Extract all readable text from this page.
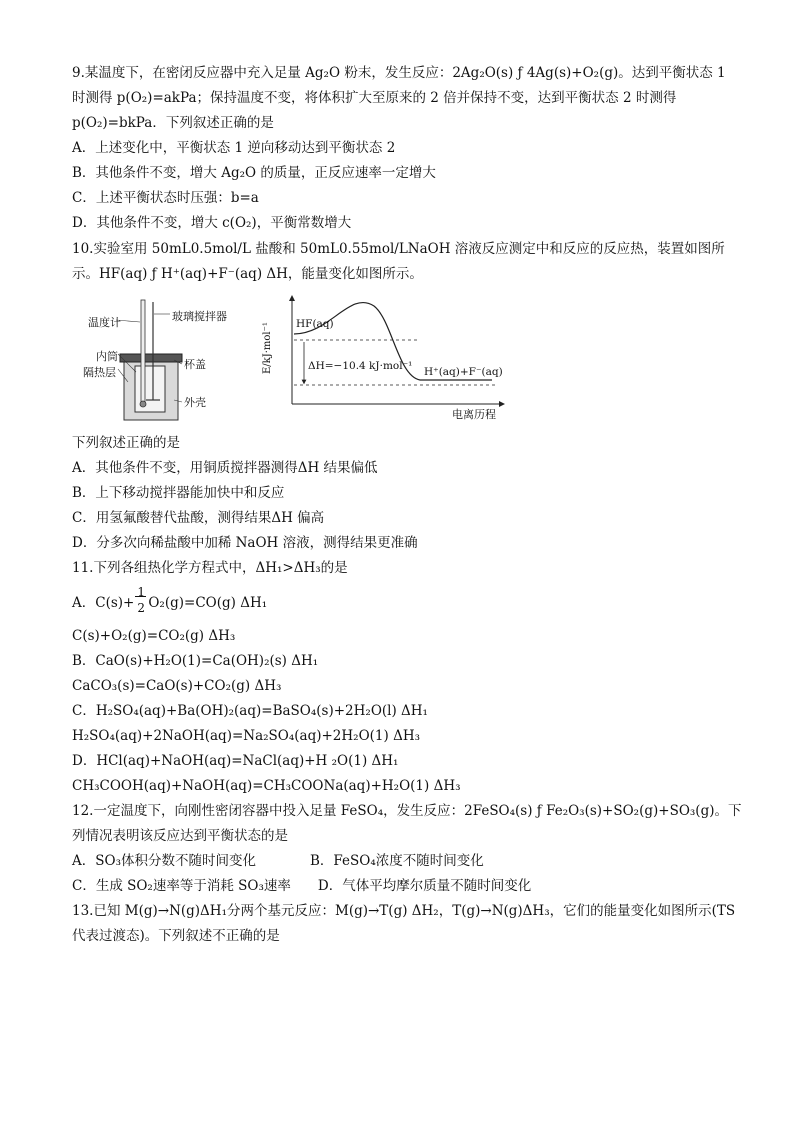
9.某温度下，在密闭反应器中充入足量 Ag₂O 粉末，发生反应：2Ag₂O(s) ƒ 4Ag(s)+O₂(g)。达到平衡状态 1
时测得 p(O₂)=akPa；保持温度不变，将体积扩大至原来的 2 倍并保持不变，达到平衡状态 2 时测得
p(O₂)=bkPa．下列叙述正确的是
A．上述变化中，平衡状态 1 逆向移动达到平衡状态 2
B．其他条件不变，增大 Ag₂O 的质量，正反应速率一定增大
C．上述平衡状态时压强：b=a
D．其他条件不变，增大 c(O₂)，平衡常数增大
10.实验室用 50mL0.5mol/L 盐酸和 50mL0.55mol/LNaOH 溶液反应测定中和反应的反应热，装置如图所
示。HF(aq) ƒ H⁺(aq)+F⁻(aq) ΔH，能量变化如图所示。
温度计	玻璃搅拌器
内筒
杯盖
隔热层
外壳
E/kJ·mol⁻¹ HF(aq)
ΔH=−10.4 kJ·mol⁻¹ H⁺(aq)+F⁻(aq)
电离历程
下列叙述正确的是
A．其他条件不变，用铜质搅拌器测得ΔH 结果偏低
B．上下移动搅拌器能加快中和反应
C．用氢氟酸替代盐酸，测得结果ΔH 偏高
D．分多次向稀盐酸中加稀 NaOH 溶液，测得结果更准确
11.下列各组热化学方程式中，ΔH₁>ΔH₃的是
A．$C(s)+ \frac{1}{2} O_2(g)=CO(g)$ ΔH₁
C(s)+O₂(g)=CO₂(g) ΔH₃
B．CaO(s)+H₂O(1)=Ca(OH)₂(s) ΔH₁
CaCO₃(s)=CaO(s)+CO₂(g) ΔH₃
C．H₂SO₄(aq)+Ba(OH)₂(aq)=BaSO₄(s)+2H₂O(l) ΔH₁
H₂SO₄(aq)+2NaOH(aq)=Na₂SO₄(aq)+2H₂O(1) ΔH₃
D．HCl(aq)+NaOH(aq)=NaCl(aq)+H ₂O(1) ΔH₁
CH₃COOH(aq)+NaOH(aq)=CH₃COONa(aq)+H₂O(1) ΔH₃
12.一定温度下，向刚性密闭容器中投入足量 FeSO₄，发生反应：2FeSO₄(s) ƒ Fe₂O₃(s)+SO₂(g)+SO₃(g)。下
列情况表明该反应达到平衡状态的是
A．SO₃体积分数不随时间变化　　　　B．FeSO₄浓度不随时间变化
C．生成 SO₂速率等于消耗 SO₃速率　　D．气体平均摩尔质量不随时间变化
13.已知 M(g)→N(g)ΔH₁分两个基元反应：M(g)→T(g) ΔH₂，T(g)→N(g)ΔH₃，它们的能量变化如图所示(TS
代表过渡态)。下列叙述不正确的是
